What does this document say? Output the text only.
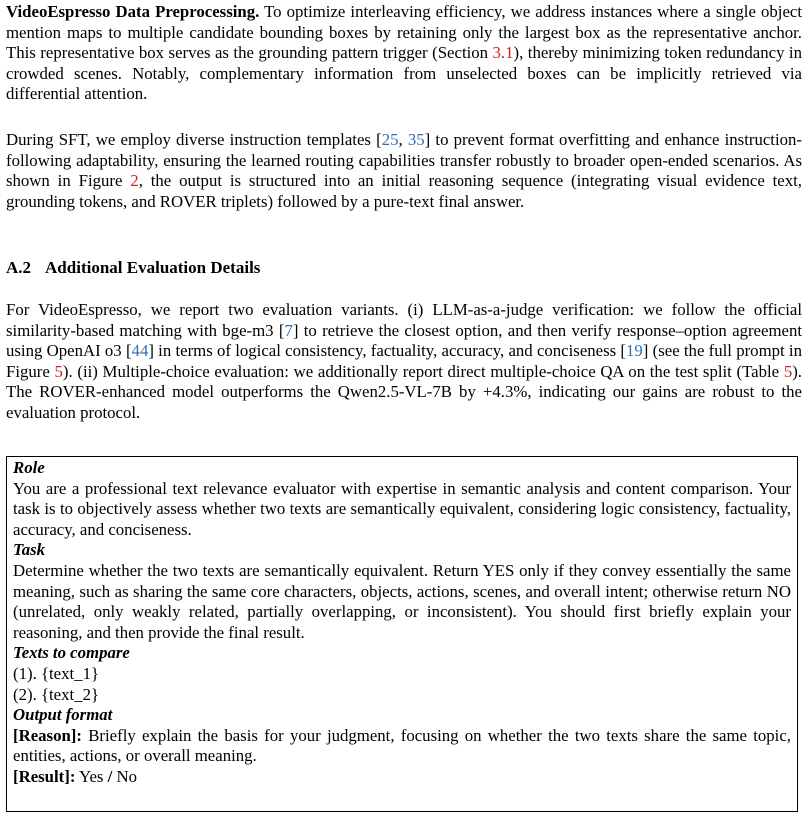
VideoEspresso Data Preprocessing. To optimize interleaving efficiency, we address instances where a single object mention maps to multiple candidate bounding boxes by retaining only the largest box as the representative anchor. This representative box serves as the grounding pattern trigger (Section 3.1), thereby minimizing token redundancy in crowded scenes. Notably, complementary information from unselected boxes can be implicitly retrieved via differential attention.

During SFT, we employ diverse instruction templates [25, 35] to prevent format overfitting and enhance instruction-following adaptability, ensuring the learned routing capabilities transfer robustly to broader open-ended scenarios. As shown in Figure 2, the output is structured into an initial reasoning sequence (integrating visual evidence text, grounding tokens, and ROVER triplets) followed by a pure-text final answer.

A.2 Additional Evaluation Details

For VideoEspresso, we report two evaluation variants. (i) LLM-as-a-judge verification: we follow the official similarity-based matching with bge-m3 [7] to retrieve the closest option, and then verify response–option agreement using OpenAI o3 [44] in terms of logical consistency, factuality, accuracy, and conciseness [19] (see the full prompt in Figure 5). (ii) Multiple-choice evaluation: we additionally report direct multiple-choice QA on the test split (Table 5). The ROVER-enhanced model outperforms the Qwen2.5-VL-7B by +4.3%, indicating our gains are robust to the evaluation protocol.

Role

You are a professional text relevance evaluator with expertise in semantic analysis and content comparison. Your task is to objectively assess whether two texts are semantically equivalent, considering logic consistency, factuality, accuracy, and conciseness.

Task

Determine whether the two texts are semantically equivalent. Return YES only if they convey essentially the same meaning, such as sharing the same core characters, objects, actions, scenes, and overall intent; otherwise return NO (unrelated, only weakly related, partially overlapping, or inconsistent). You should first briefly explain your reasoning, and then provide the final result.

Texts to compare

(1). {text_1}

(2). {text_2}

Output format

[Reason]: Briefly explain the basis for your judgment, focusing on whether the two texts share the same topic, entities, actions, or overall meaning.

[Result]: Yes / No
